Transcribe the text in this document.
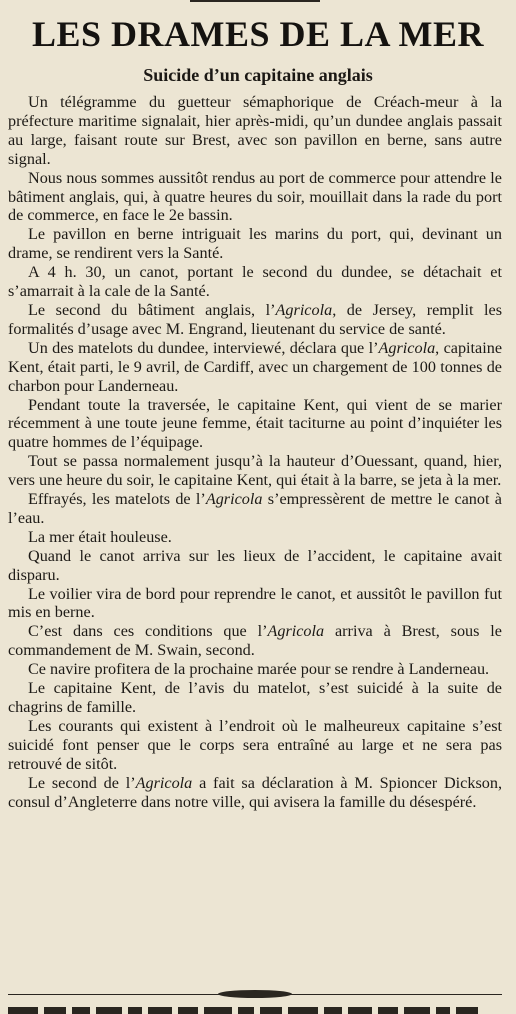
LES DRAMES DE LA MER
Suicide d’un capitaine anglais

Un télégramme du guetteur sémaphorique de Créach-meur à la préfecture maritime signalait, hier après-midi, qu’un dundee anglais passait au large, faisant route sur Brest, avec son pavillon en berne, sans autre signal.

Nous nous sommes aussitôt rendus au port de commerce pour attendre le bâtiment anglais, qui, à quatre heures du soir, mouillait dans la rade du port de commerce, en face le 2e bassin.

Le pavillon en berne intriguait les marins du port, qui, devinant un drame, se rendirent vers la Santé.

A 4 h. 30, un canot, portant le second du dundee, se détachait et s’amarrait à la cale de la Santé.

Le second du bâtiment anglais, l’Agricola, de Jersey, remplit les formalités d’usage avec M. Engrand, lieutenant du service de santé.

Un des matelots du dundee, interviewé, déclara que l’Agricola, capitaine Kent, était parti, le 9 avril, de Cardiff, avec un chargement de 100 tonnes de charbon pour Landerneau.

Pendant toute la traversée, le capitaine Kent, qui vient de se marier récemment à une toute jeune femme, était taciturne au point d’inquiéter les quatre hommes de l’équipage.

Tout se passa normalement jusqu’à la hauteur d’Ouessant, quand, hier, vers une heure du soir, le capitaine Kent, qui était à la barre, se jeta à la mer.

Effrayés, les matelots de l’Agricola s’empressèrent de mettre le canot à l’eau.

La mer était houleuse.

Quand le canot arriva sur les lieux de l’accident, le capitaine avait disparu.

Le voilier vira de bord pour reprendre le canot, et aussitôt le pavillon fut mis en berne.

C’est dans ces conditions que l’Agricola arriva à Brest, sous le commandement de M. Swain, second.

Ce navire profitera de la prochaine marée pour se rendre à Landerneau.

Le capitaine Kent, de l’avis du matelot, s’est suicidé à la suite de chagrins de famille.

Les courants qui existent à l’endroit où le malheureux capitaine s’est suicidé font penser que le corps sera entraîné au large et ne sera pas retrouvé de sitôt.

Le second de l’Agricola a fait sa déclaration à M. Spioncer Dickson, consul d’Angleterre dans notre ville, qui avisera la famille du désespéré.
